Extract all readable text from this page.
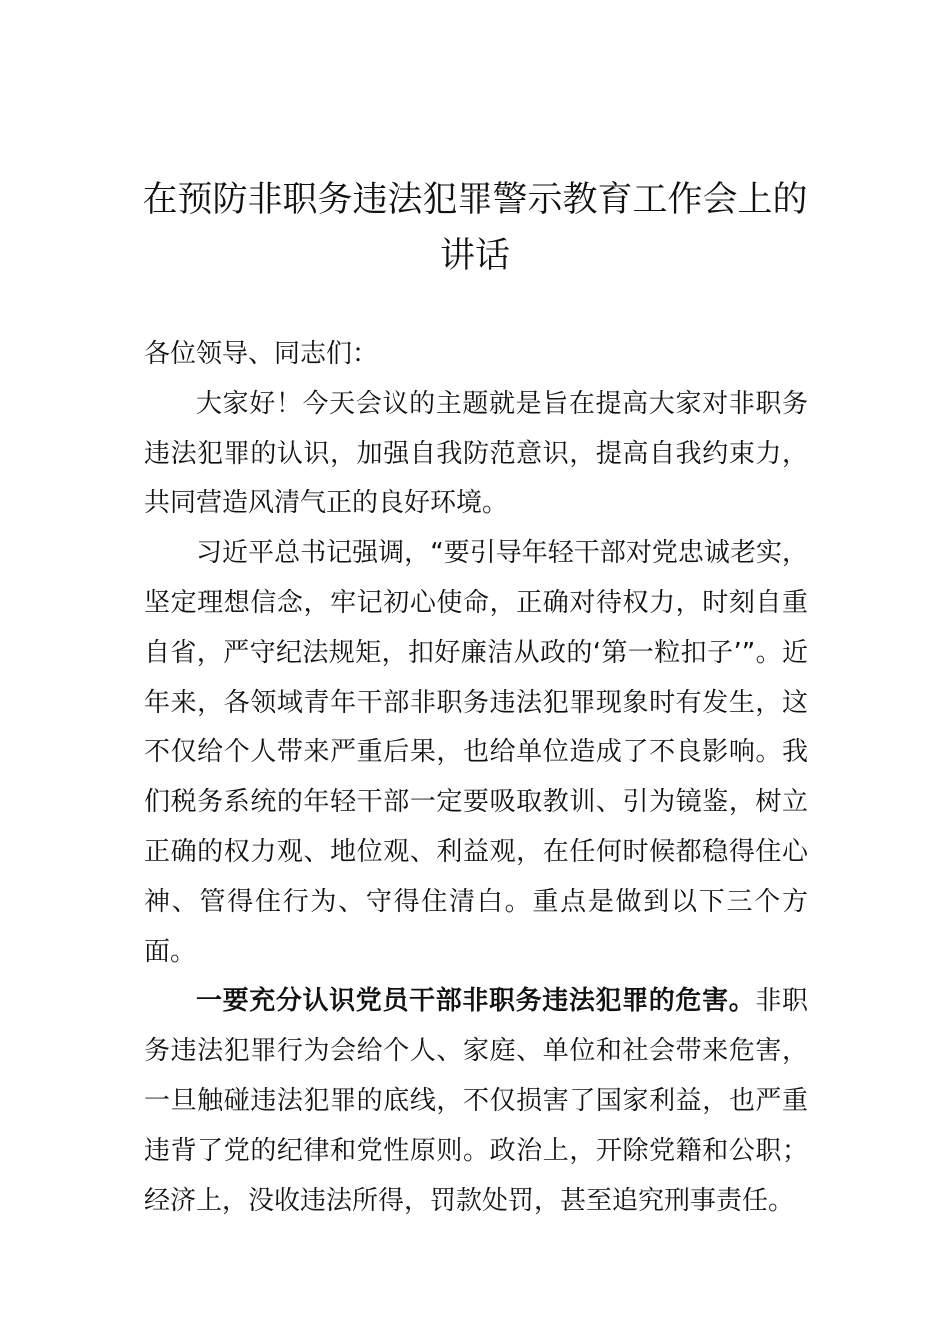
在预防非职务违法犯罪警示教育工作会上的讲话

各位领导、同志们：

大家好！今天会议的主题就是旨在提高大家对非职务违法犯罪的认识，加强自我防范意识，提高自我约束力，共同营造风清气正的良好环境。

习近平总书记强调，“要引导年轻干部对党忠诚老实，坚定理想信念，牢记初心使命，正确对待权力，时刻自重自省，严守纪法规矩，扣好廉洁从政的‘第一粒扣子’”。近年来，各领域青年干部非职务违法犯罪现象时有发生，这不仅给个人带来严重后果，也给单位造成了不良影响。我们税务系统的年轻干部一定要吸取教训、引为镜鉴，树立正确的权力观、地位观、利益观，在任何时候都稳得住心神、管得住行为、守得住清白。重点是做到以下三个方面。

一要充分认识党员干部非职务违法犯罪的危害。非职务违法犯罪行为会给个人、家庭、单位和社会带来危害，一旦触碰违法犯罪的底线，不仅损害了国家利益，也严重违背了党的纪律和党性原则。政治上，开除党籍和公职；经济上，没收违法所得，罚款处罚，甚至追究刑事责任。
